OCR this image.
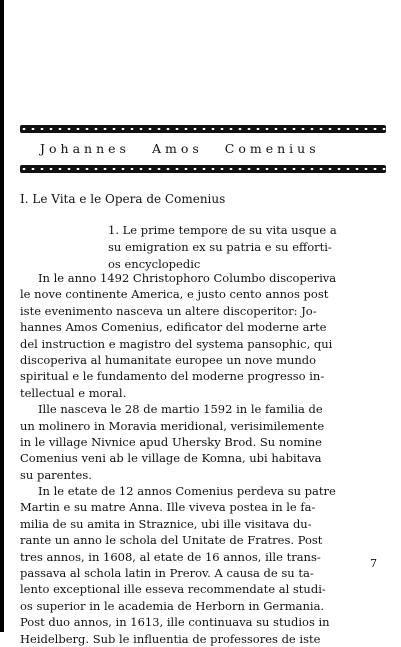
Johannes Amos Comenius
I. Le Vita e le Opera de Comenius
1. Le prime tempore de su vita usque a
su emigration ex su patria e su efforti-
os encyclopedic
In le anno 1492 Christophoro Columbo discoperiva
le nove continente America, e justo cento annos post
iste evenimento nasceva un altere discoperitor: Jo-
hannes Amos Comenius, edificator del moderne arte
del instruction e magistro del systema pansophic, qui
discoperiva al humanitate europee un nove mundo
spiritual e le fundamento del moderne progresso in-
tellectual e moral.
Ille nasceva le 28 de martio 1592 in le familia de
un molinero in Moravia meridional, verisimilemente
in le village Nivnice apud Uhersky Brod. Su nomine
Comenius veni ab le village de Komna, ubi habitava
su parentes.
In le etate de 12 annos Comenius perdeva su patre
Martin e su matre Anna. Ille viveva postea in le fa-
milia de su amita in Straznice, ubi ille visitava du-
rante un anno le schola del Unitate de Fratres. Post
tres annos, in 1608, al etate de 16 annos, ille trans-
passava al schola latin in Prerov. A causa de su ta-
lento exceptional ille esseva recommendate al studi-
os superior in le academia de Herborn in Germania.
Post duo annos, in 1613, ille continuava su studios in
Heidelberg. Sub le influentia de professores de iste
7
